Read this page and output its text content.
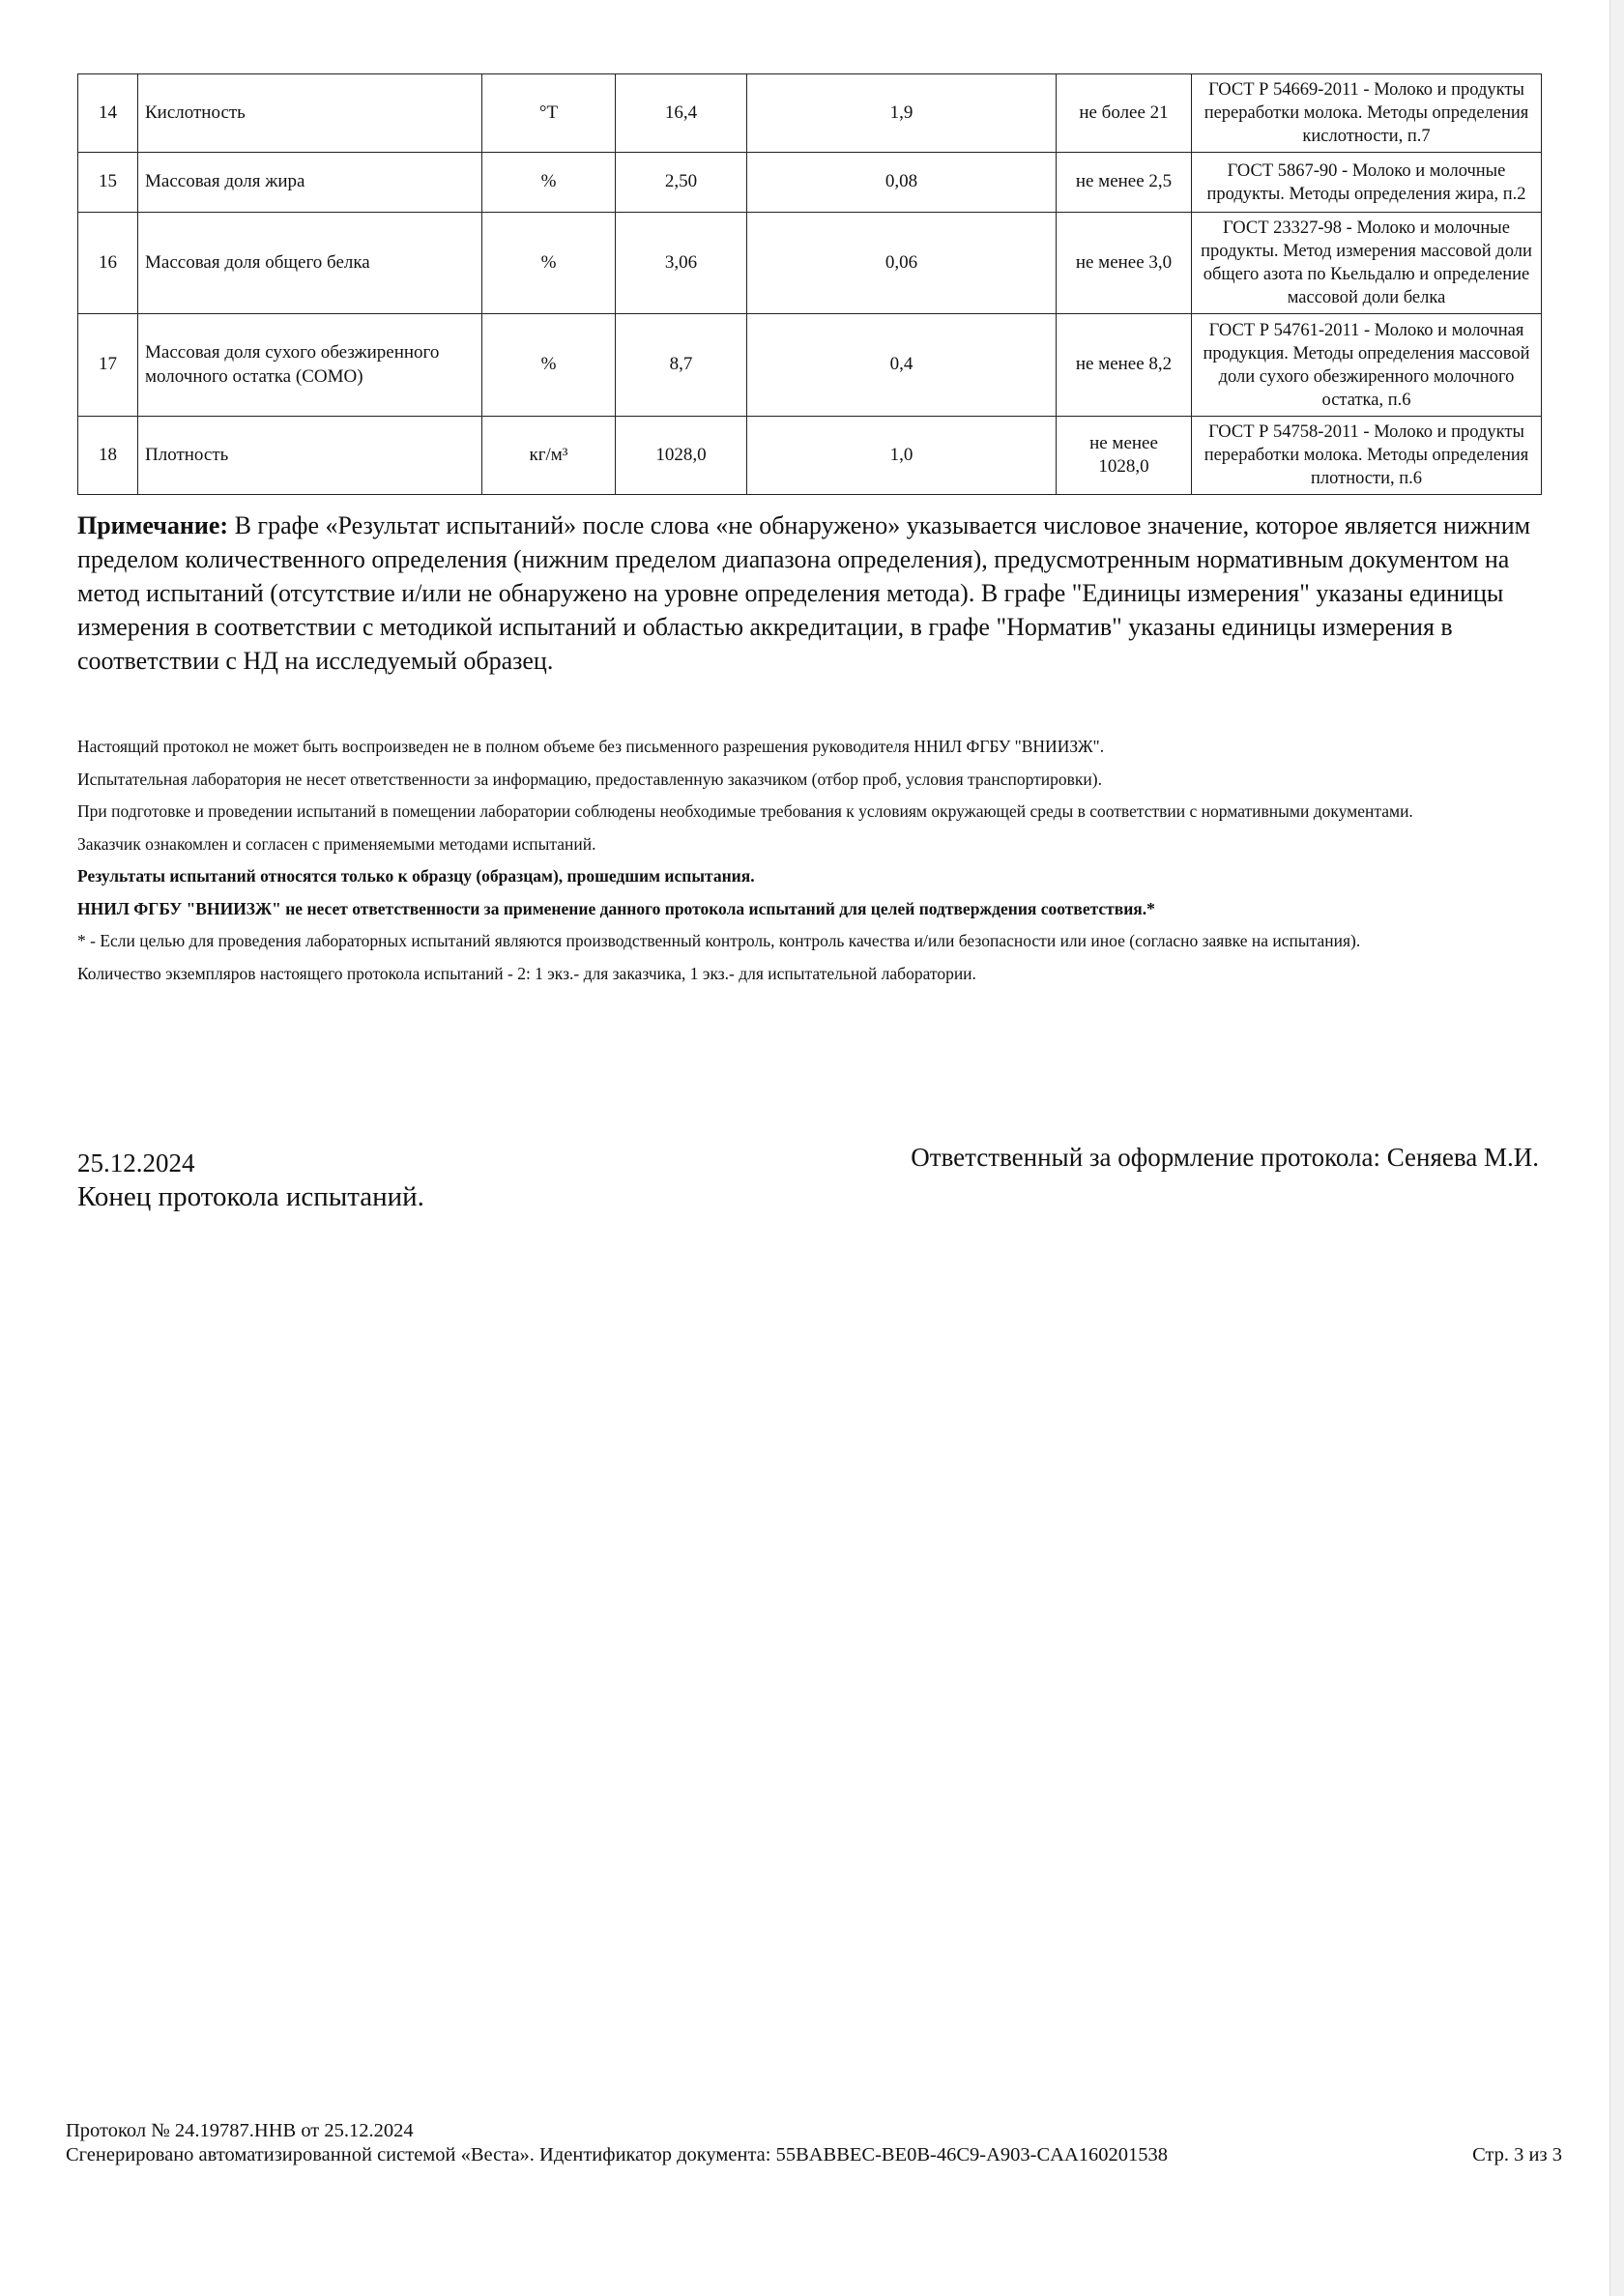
14	Кислотность	°Т	16,4	1,9	не более 21	ГОСТ Р 54669-2011 - Молоко и продукты переработки молока. Методы определения кислотности, п.7
15	Массовая доля жира	%	2,50	0,08	не менее 2,5	ГОСТ 5867-90 - Молоко и молочные продукты. Методы определения жира, п.2
16	Массовая доля общего белка	%	3,06	0,06	не менее 3,0	ГОСТ 23327-98 - Молоко и молочные продукты. Метод измерения массовой доли общего азота по Кьельдалю и определение массовой доли белка
17	Массовая доля сухого обезжиренного молочного остатка (СОМО)	%	8,7	0,4	не менее 8,2	ГОСТ Р 54761-2011 - Молоко и молочная продукция. Методы определения массовой доли сухого обезжиренного молочного остатка, п.6
18	Плотность	кг/м³	1028,0	1,0	не менее 1028,0	ГОСТ Р 54758-2011 - Молоко и продукты переработки молока. Методы определения плотности, п.6
Примечание: В графе «Результат испытаний» после слова «не обнаружено» указывается числовое значение, которое является нижним пределом количественного определения (нижним пределом диапазона определения), предусмотренным нормативным документом на метод испытаний (отсутствие и/или не обнаружено на уровне определения метода). В графе "Единицы измерения" указаны единицы измерения в соответствии с методикой испытаний и областью аккредитации, в графе "Норматив" указаны единицы измерения в соответствии с НД на исследуемый образец.

Настоящий протокол не может быть воспроизведен не в полном объеме без письменного разрешения руководителя ННИЛ ФГБУ "ВНИИЗЖ".

Испытательная лаборатория не несет ответственности за информацию, предоставленную заказчиком (отбор проб, условия транспортировки).

При подготовке и проведении испытаний в помещении лаборатории соблюдены необходимые требования к условиям окружающей среды в соответствии с нормативными документами.

Заказчик ознакомлен и согласен с применяемыми методами испытаний.

Результаты испытаний относятся только к образцу (образцам), прошедшим испытания.

ННИЛ ФГБУ "ВНИИЗЖ" не несет ответственности за применение данного протокола испытаний для целей подтверждения соответствия.*

* - Если целью для проведения лабораторных испытаний являются производственный контроль, контроль качества и/или безопасности или иное (согласно заявке на испытания).

Количество экземпляров настоящего протокола испытаний - 2: 1 экз.- для заказчика, 1 экз.- для испытательной лаборатории.

25.12.2024
Конец протокола испытаний.
Ответственный за оформление протокола: Сеняева М.И.
Протокол № 24.19787.ННВ от 25.12.2024
Сгенерировано автоматизированной системой «Веста». Идентификатор документа: 55BABBEC-BE0B-46C9-A903-CAA160201538	Стр. 3 из 3
